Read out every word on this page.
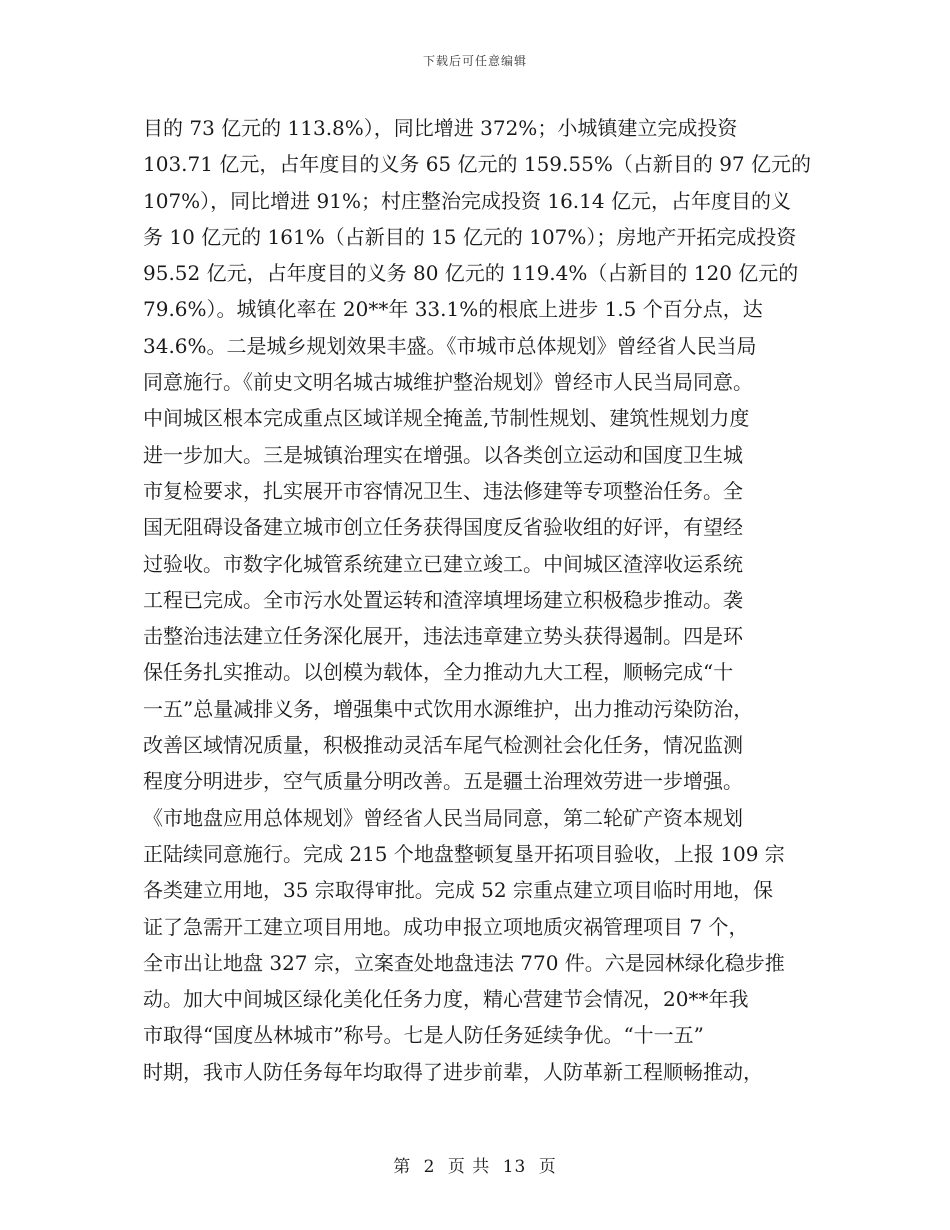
下载后可任意编辑
目的 73 亿元的 113.8%），同比增进 372%；小城镇建立完成投资
103.71 亿元，占年度目的义务 65 亿元的 159.55%（占新目的 97 亿元的
107%），同比增进 91%；村庄整治完成投资 16.14 亿元，占年度目的义
务 10 亿元的 161%（占新目的 15 亿元的 107%）；房地产开拓完成投资
95.52 亿元，占年度目的义务 80 亿元的 119.4%（占新目的 120 亿元的
79.6%）。城镇化率在 20**年 33.1%的根底上进步 1.5 个百分点，达
34.6%。二是城乡规划效果丰盛。《市城市总体规划》曾经省人民当局
同意施行。《前史文明名城古城维护整治规划》曾经市人民当局同意。
中间城区根本完成重点区域详规全掩盖,节制性规划、建筑性规划力度
进一步加大。三是城镇治理实在增强。以各类创立运动和国度卫生城
市复检要求，扎实展开市容情况卫生、违法修建等专项整治任务。全
国无阻碍设备建立城市创立任务获得国度反省验收组的好评，有望经
过验收。市数字化城管系统建立已建立竣工。中间城区渣滓收运系统
工程已完成。全市污水处置运转和渣滓填埋场建立积极稳步推动。袭
击整治违法建立任务深化展开，违法违章建立势头获得遏制。四是环
保任务扎实推动。以创模为载体，全力推动九大工程，顺畅完成“十
一五”总量减排义务，增强集中式饮用水源维护，出力推动污染防治，
改善区域情况质量，积极推动灵活车尾气检测社会化任务，情况监测
程度分明进步，空气质量分明改善。五是疆土治理效劳进一步增强。
《市地盘应用总体规划》曾经省人民当局同意，第二轮矿产资本规划
正陆续同意施行。完成 215 个地盘整顿复垦开拓项目验收，上报 109 宗
各类建立用地，35 宗取得审批。完成 52 宗重点建立项目临时用地，保
证了急需开工建立项目用地。成功申报立项地质灾祸管理项目 7 个，
全市出让地盘 327 宗，立案查处地盘违法 770 件。六是园林绿化稳步推
动。加大中间城区绿化美化任务力度，精心营建节会情况，20**年我
市取得“国度丛林城市”称号。七是人防任务延续争优。“十一五”
时期，我市人防任务每年均取得了进步前辈，人防革新工程顺畅推动，
第 2 页 共 13 页
